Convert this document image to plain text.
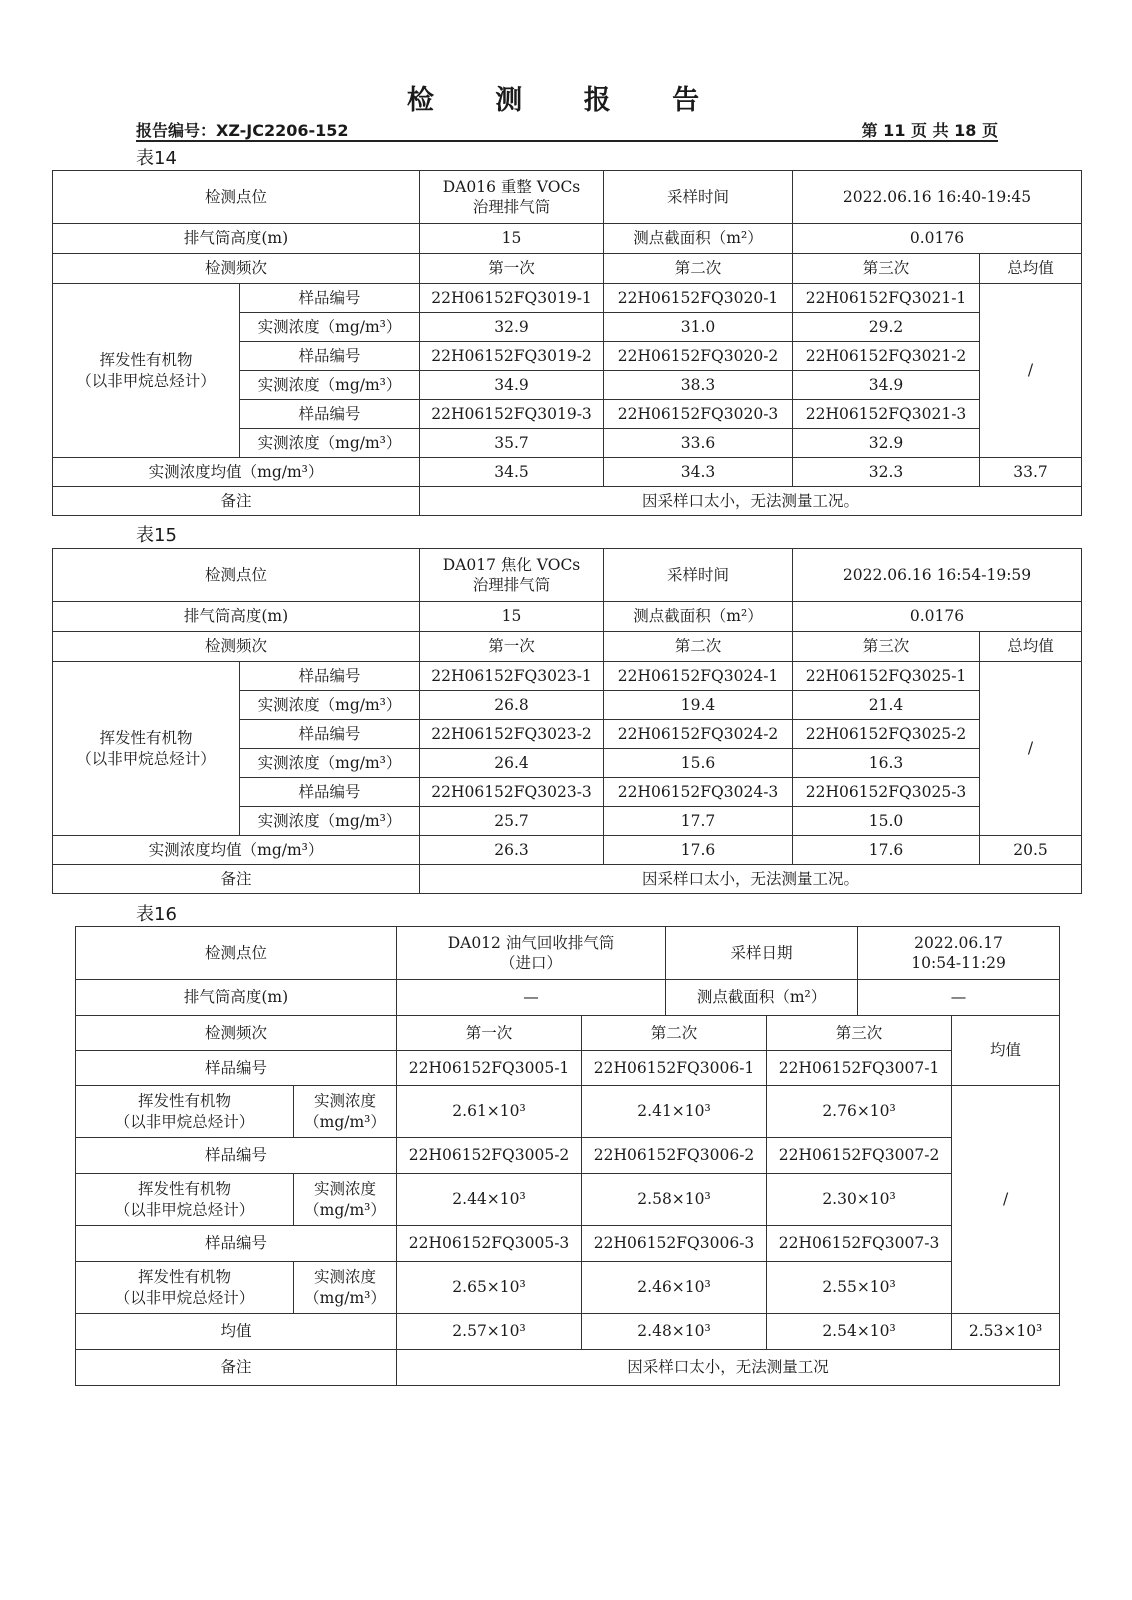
检 测 报 告
报告编号：XZ-JC2206-152	第 11 页 共 18 页
表14
检测点位		DA016 重整 VOCs
治理排气筒	采样时间	2022.06.16 16:40-19:45	
排气筒高度(m)		15	测点截面积（m²）	0.0176	
检测频次		第一次	第二次	第三次	总均值

挥发性有机物
（以非甲烷总烃计）	样品编号	22H06152FQ3019-1	22H06152FQ3020-1	22H06152FQ3021-1	/
	实测浓度（mg/m³）	32.9	31.0	29.2	
	样品编号	22H06152FQ3019-2	22H06152FQ3020-2	22H06152FQ3021-2	
	实测浓度（mg/m³）	34.9	38.3	34.9	
	样品编号	22H06152FQ3019-3	22H06152FQ3020-3	22H06152FQ3021-3	
	实测浓度（mg/m³）	35.7	33.6	32.9	
实测浓度均值（mg/m³）		34.5	34.3	32.3	33.7
备注		因采样口太小，无法测量工况。			
表15
检测点位		DA017 焦化 VOCs
治理排气筒	采样时间	2022.06.16 16:54-19:59	
排气筒高度(m)		15	测点截面积（m²）	0.0176	
检测频次		第一次	第二次	第三次	总均值

挥发性有机物
（以非甲烷总烃计）	样品编号	22H06152FQ3023-1	22H06152FQ3024-1	22H06152FQ3025-1	/
	实测浓度（mg/m³）	26.8	19.4	21.4	
	样品编号	22H06152FQ3023-2	22H06152FQ3024-2	22H06152FQ3025-2	
	实测浓度（mg/m³）	26.4	15.6	16.3	
	样品编号	22H06152FQ3023-3	22H06152FQ3024-3	22H06152FQ3025-3	
	实测浓度（mg/m³）	25.7	17.7	15.0	
实测浓度均值（mg/m³）		26.3	17.6	17.6	20.5
备注		因采样口太小，无法测量工况。			
表16
检测点位		DA012 油气回收排气筒
（进口）		采样日期		2022.06.17
10:54-11:29	

排气筒高度(m)		—		测点截面积（m²）		—	
检测频次		第一次	第二次		第三次		均值
样品编号		22H06152FQ3005-1	22H06152FQ3006-1		22H06152FQ3007-1		

挥发性有机物
（以非甲烷总烃计）	实测浓度
（mg/m³）	2.61×10³	2.41×10³		2.76×10³		/
样品编号		22H06152FQ3005-2	22H06152FQ3006-2		22H06152FQ3007-2		

挥发性有机物
（以非甲烷总烃计）	实测浓度
（mg/m³）	2.44×10³	2.58×10³		2.30×10³		
样品编号		22H06152FQ3005-3	22H06152FQ3006-3		22H06152FQ3007-3		

挥发性有机物
（以非甲烷总烃计）	实测浓度
（mg/m³）	2.65×10³	2.46×10³		2.55×10³		
均值		2.57×10³	2.48×10³		2.54×10³		2.53×10³
备注		因采样口太小，无法测量工况					
